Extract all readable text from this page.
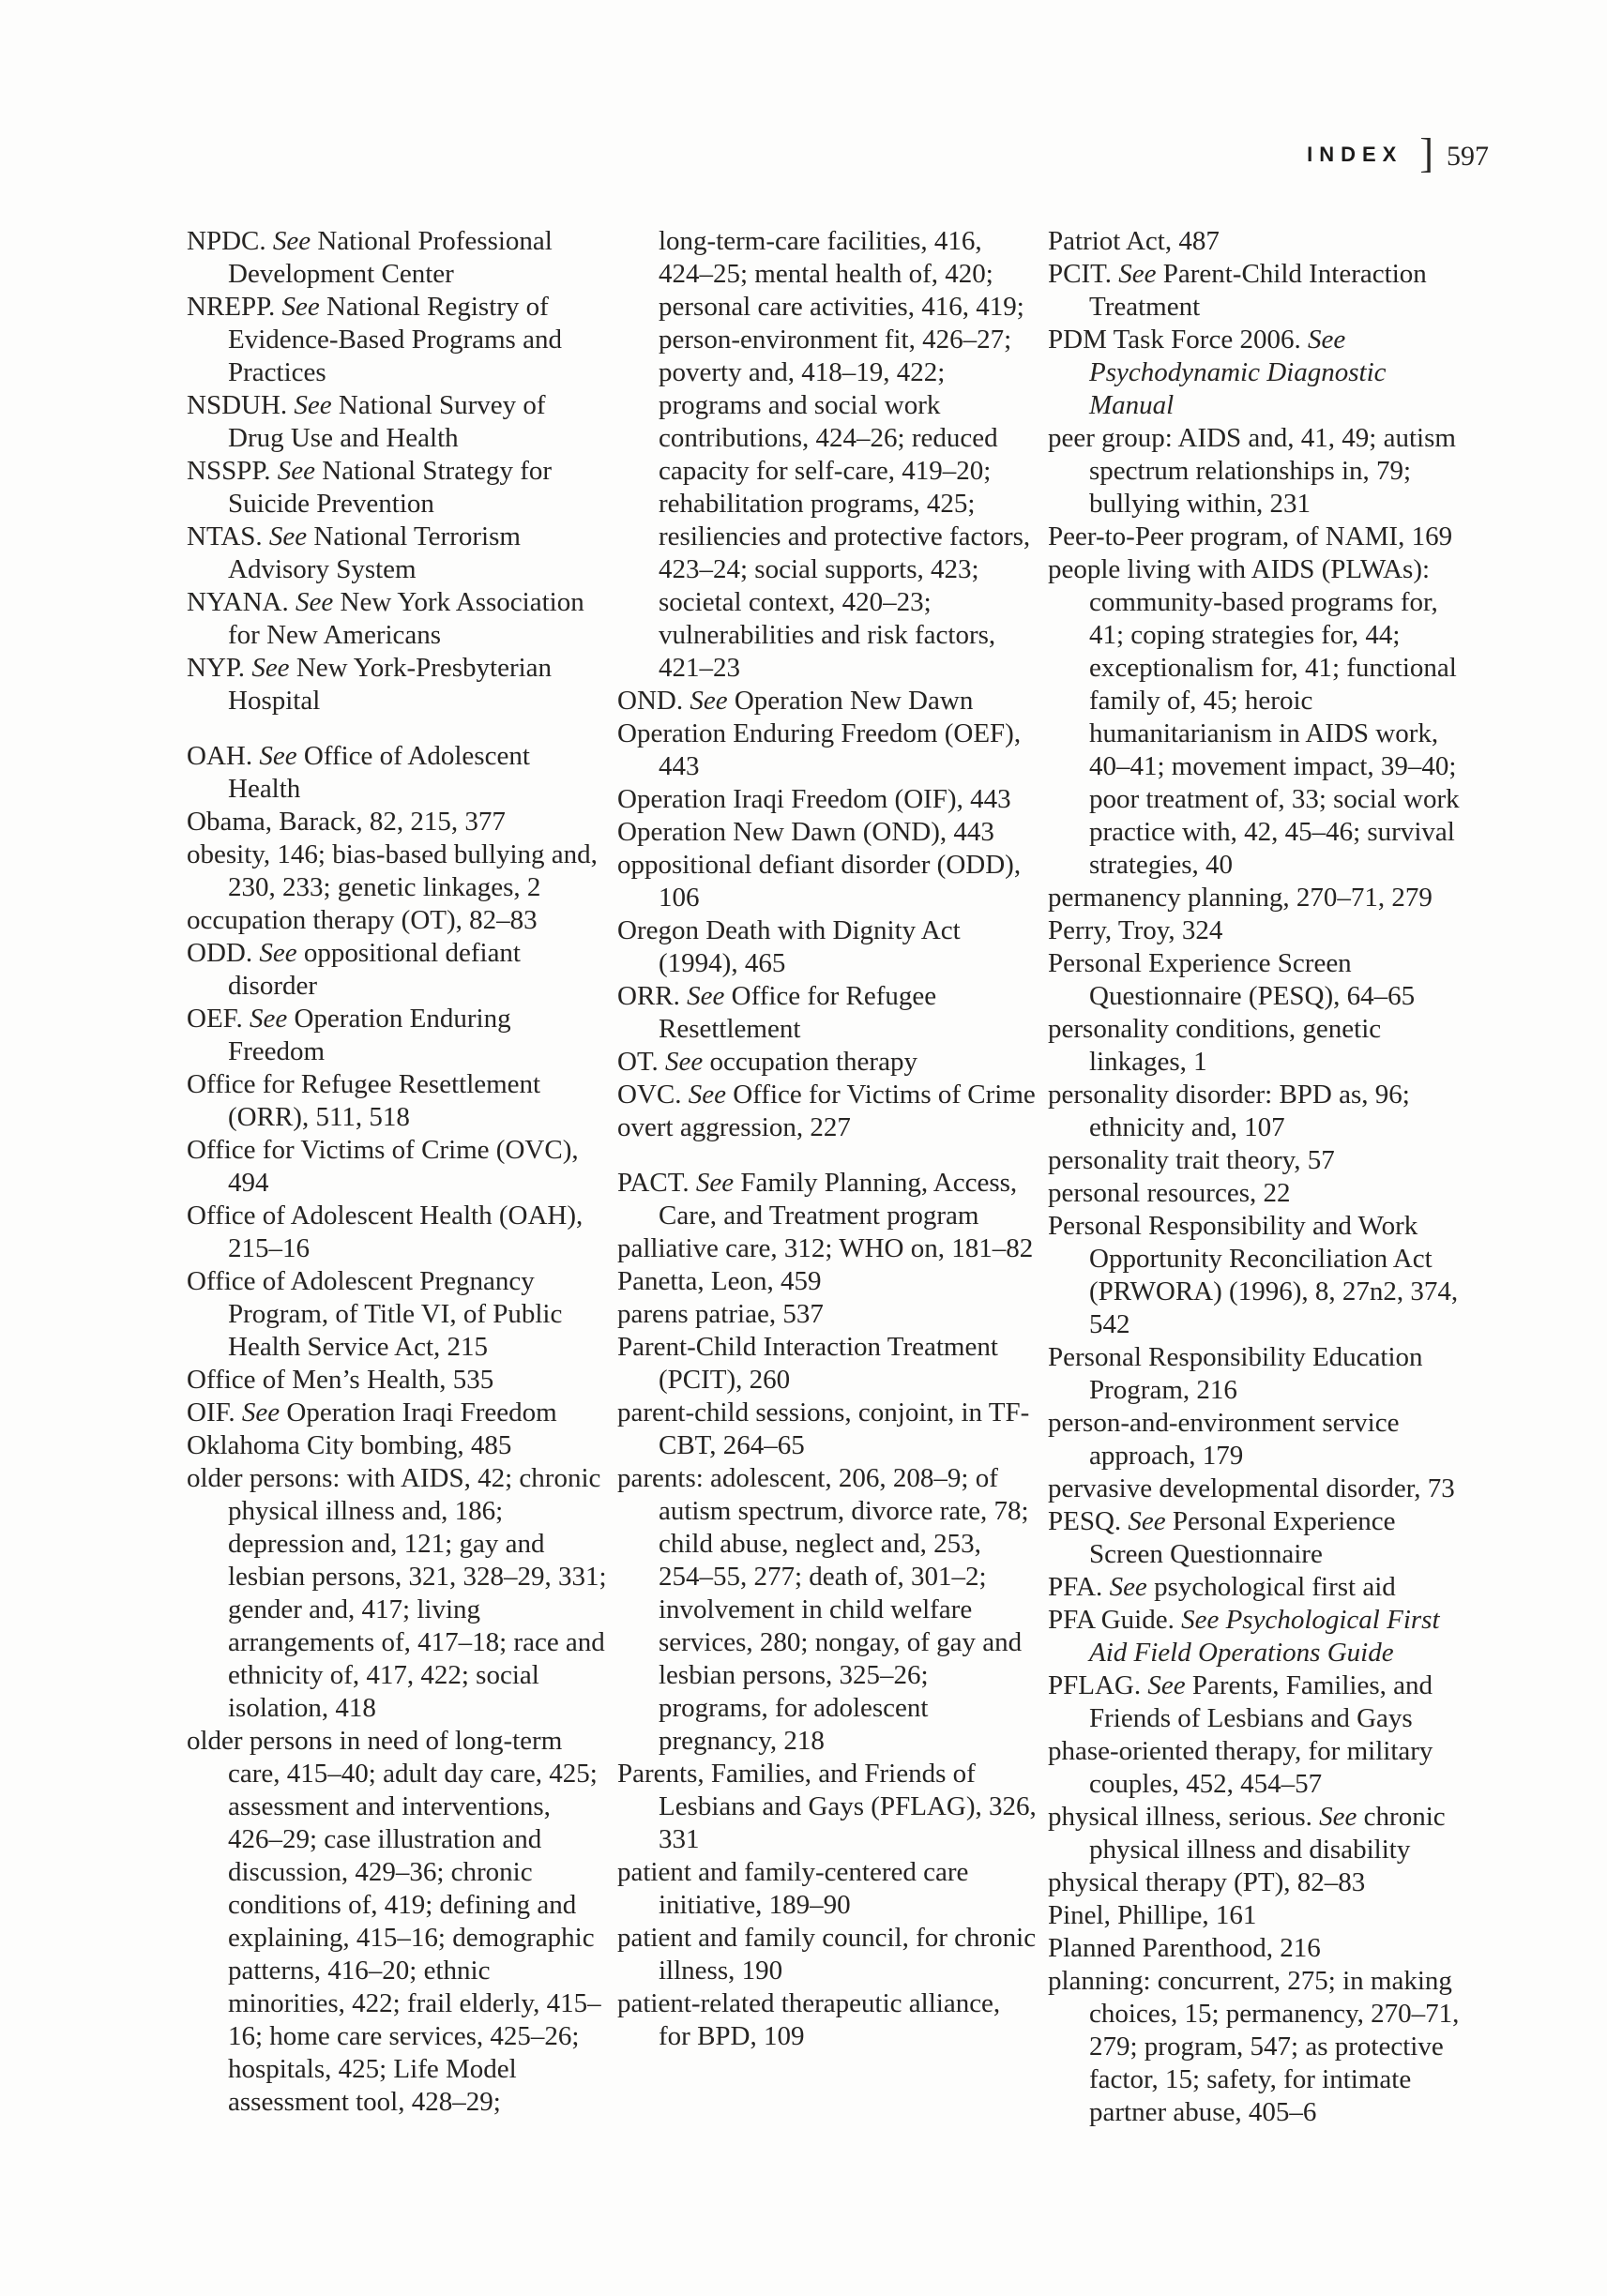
INDEX ] 597

NPDC. See National Professional Development Center

NREPP. See National Registry of Evidence-Based Programs and Practices

NSDUH. See National Survey of Drug Use and Health

NSSPP. See National Strategy for Suicide Prevention

NTAS. See National Terrorism Advisory System

NYANA. See New York Association for New Americans

NYP. See New York-Presbyterian Hospital

OAH. See Office of Adolescent Health

Obama, Barack, 82, 215, 377

obesity, 146; bias-based bullying and, 230, 233; genetic linkages, 2

occupation therapy (OT), 82–83

ODD. See oppositional defiant disorder

OEF. See Operation Enduring Freedom

Office for Refugee Resettlement (ORR), 511, 518

Office for Victims of Crime (OVC), 494

Office of Adolescent Health (OAH), 215–16

Office of Adolescent Pregnancy Program, of Title VI, of Public Health Service Act, 215

Office of Men’s Health, 535

OIF. See Operation Iraqi Freedom

Oklahoma City bombing, 485

older persons: with AIDS, 42; chronic physical illness and, 186; depression and, 121; gay and lesbian persons, 321, 328–29, 331; gender and, 417; living arrangements of, 417–18; race and ethnicity of, 417, 422; social isolation, 418

older persons in need of long-term care, 415–40; adult day care, 425; assessment and interventions, 426–29; case illustration and discussion, 429–36; chronic conditions of, 419; defining and explaining, 415–16; demographic patterns, 416–20; ethnic minorities, 422; frail elderly, 415–16; home care services, 425–26; hospitals, 425; Life Model assessment tool, 428–29;

long-term-care facilities, 416, 424–25; mental health of, 420; personal care activities, 416, 419; person-environment fit, 426–27; poverty and, 418–19, 422; programs and social work contributions, 424–26; reduced capacity for self-care, 419–20; rehabilitation programs, 425; resiliencies and protective factors, 423–24; social supports, 423; societal context, 420–23; vulnerabilities and risk factors, 421–23

OND. See Operation New Dawn

Operation Enduring Freedom (OEF), 443

Operation Iraqi Freedom (OIF), 443

Operation New Dawn (OND), 443

oppositional defiant disorder (ODD), 106

Oregon Death with Dignity Act (1994), 465

ORR. See Office for Refugee Resettlement

OT. See occupation therapy

OVC. See Office for Victims of Crime

overt aggression, 227

PACT. See Family Planning, Access, Care, and Treatment program

palliative care, 312; WHO on, 181–82

Panetta, Leon, 459

parens patriae, 537

Parent-Child Interaction Treatment (PCIT), 260

parent-child sessions, conjoint, in TF-CBT, 264–65

parents: adolescent, 206, 208–9; of autism spectrum, divorce rate, 78; child abuse, neglect and, 253, 254–55, 277; death of, 301–2; involvement in child welfare services, 280; nongay, of gay and lesbian persons, 325–26; programs, for adolescent pregnancy, 218

Parents, Families, and Friends of Lesbians and Gays (PFLAG), 326, 331

patient and family-centered care initiative, 189–90

patient and family council, for chronic illness, 190

patient-related therapeutic alliance, for BPD, 109

Patriot Act, 487

PCIT. See Parent-Child Interaction Treatment

PDM Task Force 2006. See Psychodynamic Diagnostic Manual

peer group: AIDS and, 41, 49; autism spectrum relationships in, 79; bullying within, 231

Peer-to-Peer program, of NAMI, 169

people living with AIDS (PLWAs): community-based programs for, 41; coping strategies for, 44; exceptionalism for, 41; functional family of, 45; heroic humanitarianism in AIDS work, 40–41; movement impact, 39–40; poor treatment of, 33; social work practice with, 42, 45–46; survival strategies, 40

permanency planning, 270–71, 279

Perry, Troy, 324

Personal Experience Screen Questionnaire (PESQ), 64–65

personality conditions, genetic linkages, 1

personality disorder: BPD as, 96; ethnicity and, 107

personality trait theory, 57

personal resources, 22

Personal Responsibility and Work Opportunity Reconciliation Act (PRWORA) (1996), 8, 27n2, 374, 542

Personal Responsibility Education Program, 216

person-and-environment service approach, 179

pervasive developmental disorder, 73

PESQ. See Personal Experience Screen Questionnaire

PFA. See psychological first aid

PFA Guide. See Psychological First Aid Field Operations Guide

PFLAG. See Parents, Families, and Friends of Lesbians and Gays

phase-oriented therapy, for military couples, 452, 454–57

physical illness, serious. See chronic physical illness and disability

physical therapy (PT), 82–83

Pinel, Phillipe, 161

Planned Parenthood, 216

planning: concurrent, 275; in making choices, 15; permanency, 270–71, 279; program, 547; as protective factor, 15; safety, for intimate partner abuse, 405–6
